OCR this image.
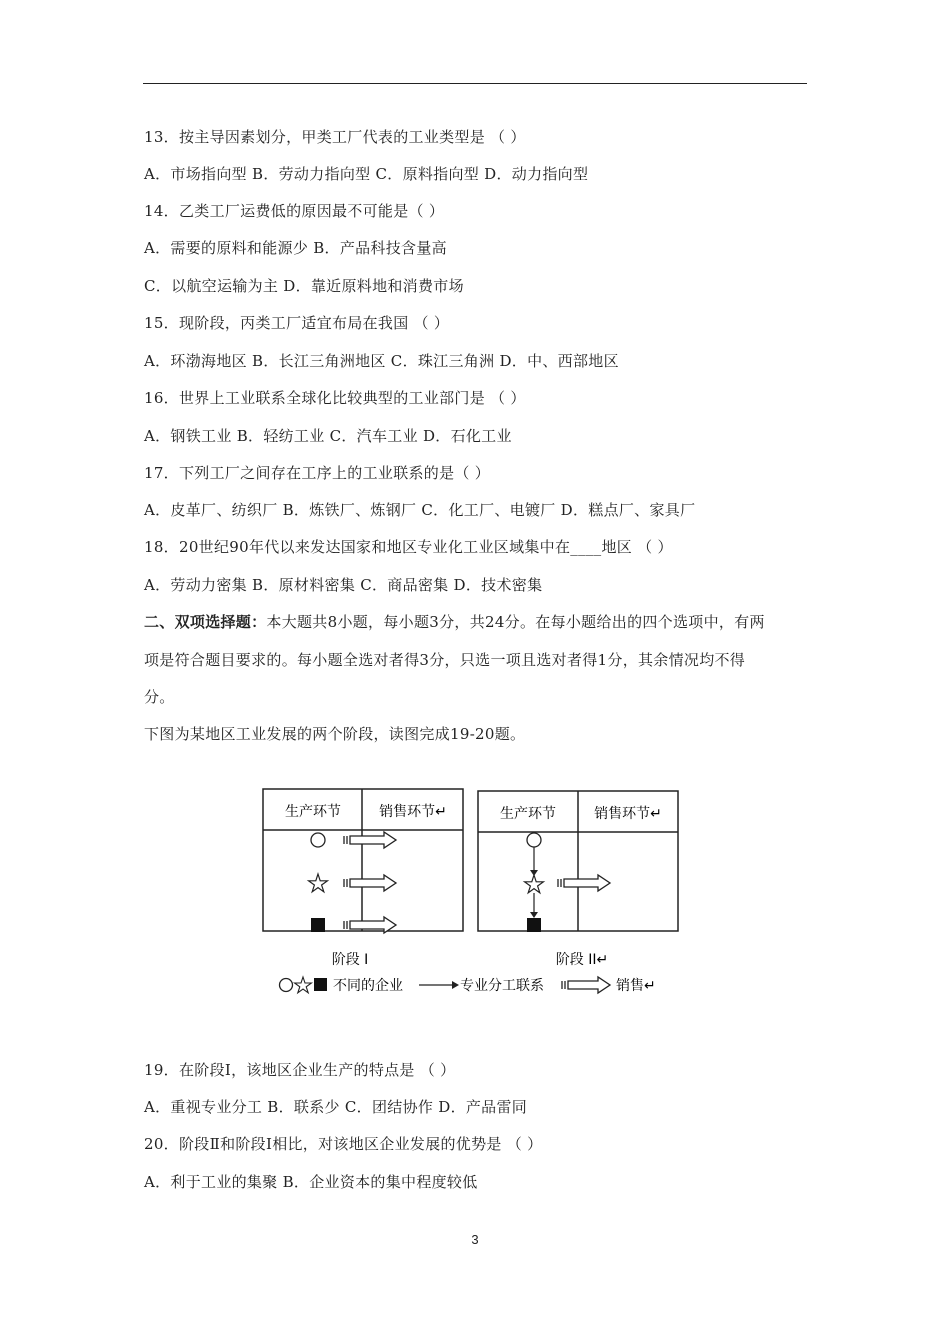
13．按主导因素划分，甲类工厂代表的工业类型是 （ ）
A．市场指向型 B．劳动力指向型 C．原料指向型 D．动力指向型
14．乙类工厂运费低的原因最不可能是（ ）
A．需要的原料和能源少 B．产品科技含量高
C．以航空运输为主 D．靠近原料地和消费市场
15．现阶段，丙类工厂适宜布局在我国 （ ）
A．环渤海地区 B．长江三角洲地区 C．珠江三角洲 D．中、西部地区
16．世界上工业联系全球化比较典型的工业部门是 （ ）
A．钢铁工业 B．轻纺工业 C．汽车工业 D．石化工业
17．下列工厂之间存在工序上的工业联系的是（ ）
A．皮革厂、纺织厂 B．炼铁厂、炼钢厂 C．化工厂、电镀厂 D．糕点厂、家具厂
18．20世纪90年代以来发达国家和地区专业化工业区域集中在____地区 （ ）
A．劳动力密集 B．原材料密集 C．商品密集 D．技术密集
二、双项选择题：本大题共8小题，每小题3分，共24分。在每小题给出的四个选项中，有两
项是符合题目要求的。每小题全选对者得3分，只选一项且选对者得1分，其余情况均不得
分。
下图为某地区工业发展的两个阶段，读图完成19-20题。
生产环节	销售环节↵
阶段 I
生产环节	销售环节↵
阶段 II↵
不同的企业	专业分工联系	销售↵
19．在阶段Ⅰ，该地区企业生产的特点是 （ ）
A．重视专业分工 B．联系少 C．团结协作 D．产品雷同
20．阶段Ⅱ和阶段Ⅰ相比，对该地区企业发展的优势是 （ ）
A．利于工业的集聚 B．企业资本的集中程度较低
3
